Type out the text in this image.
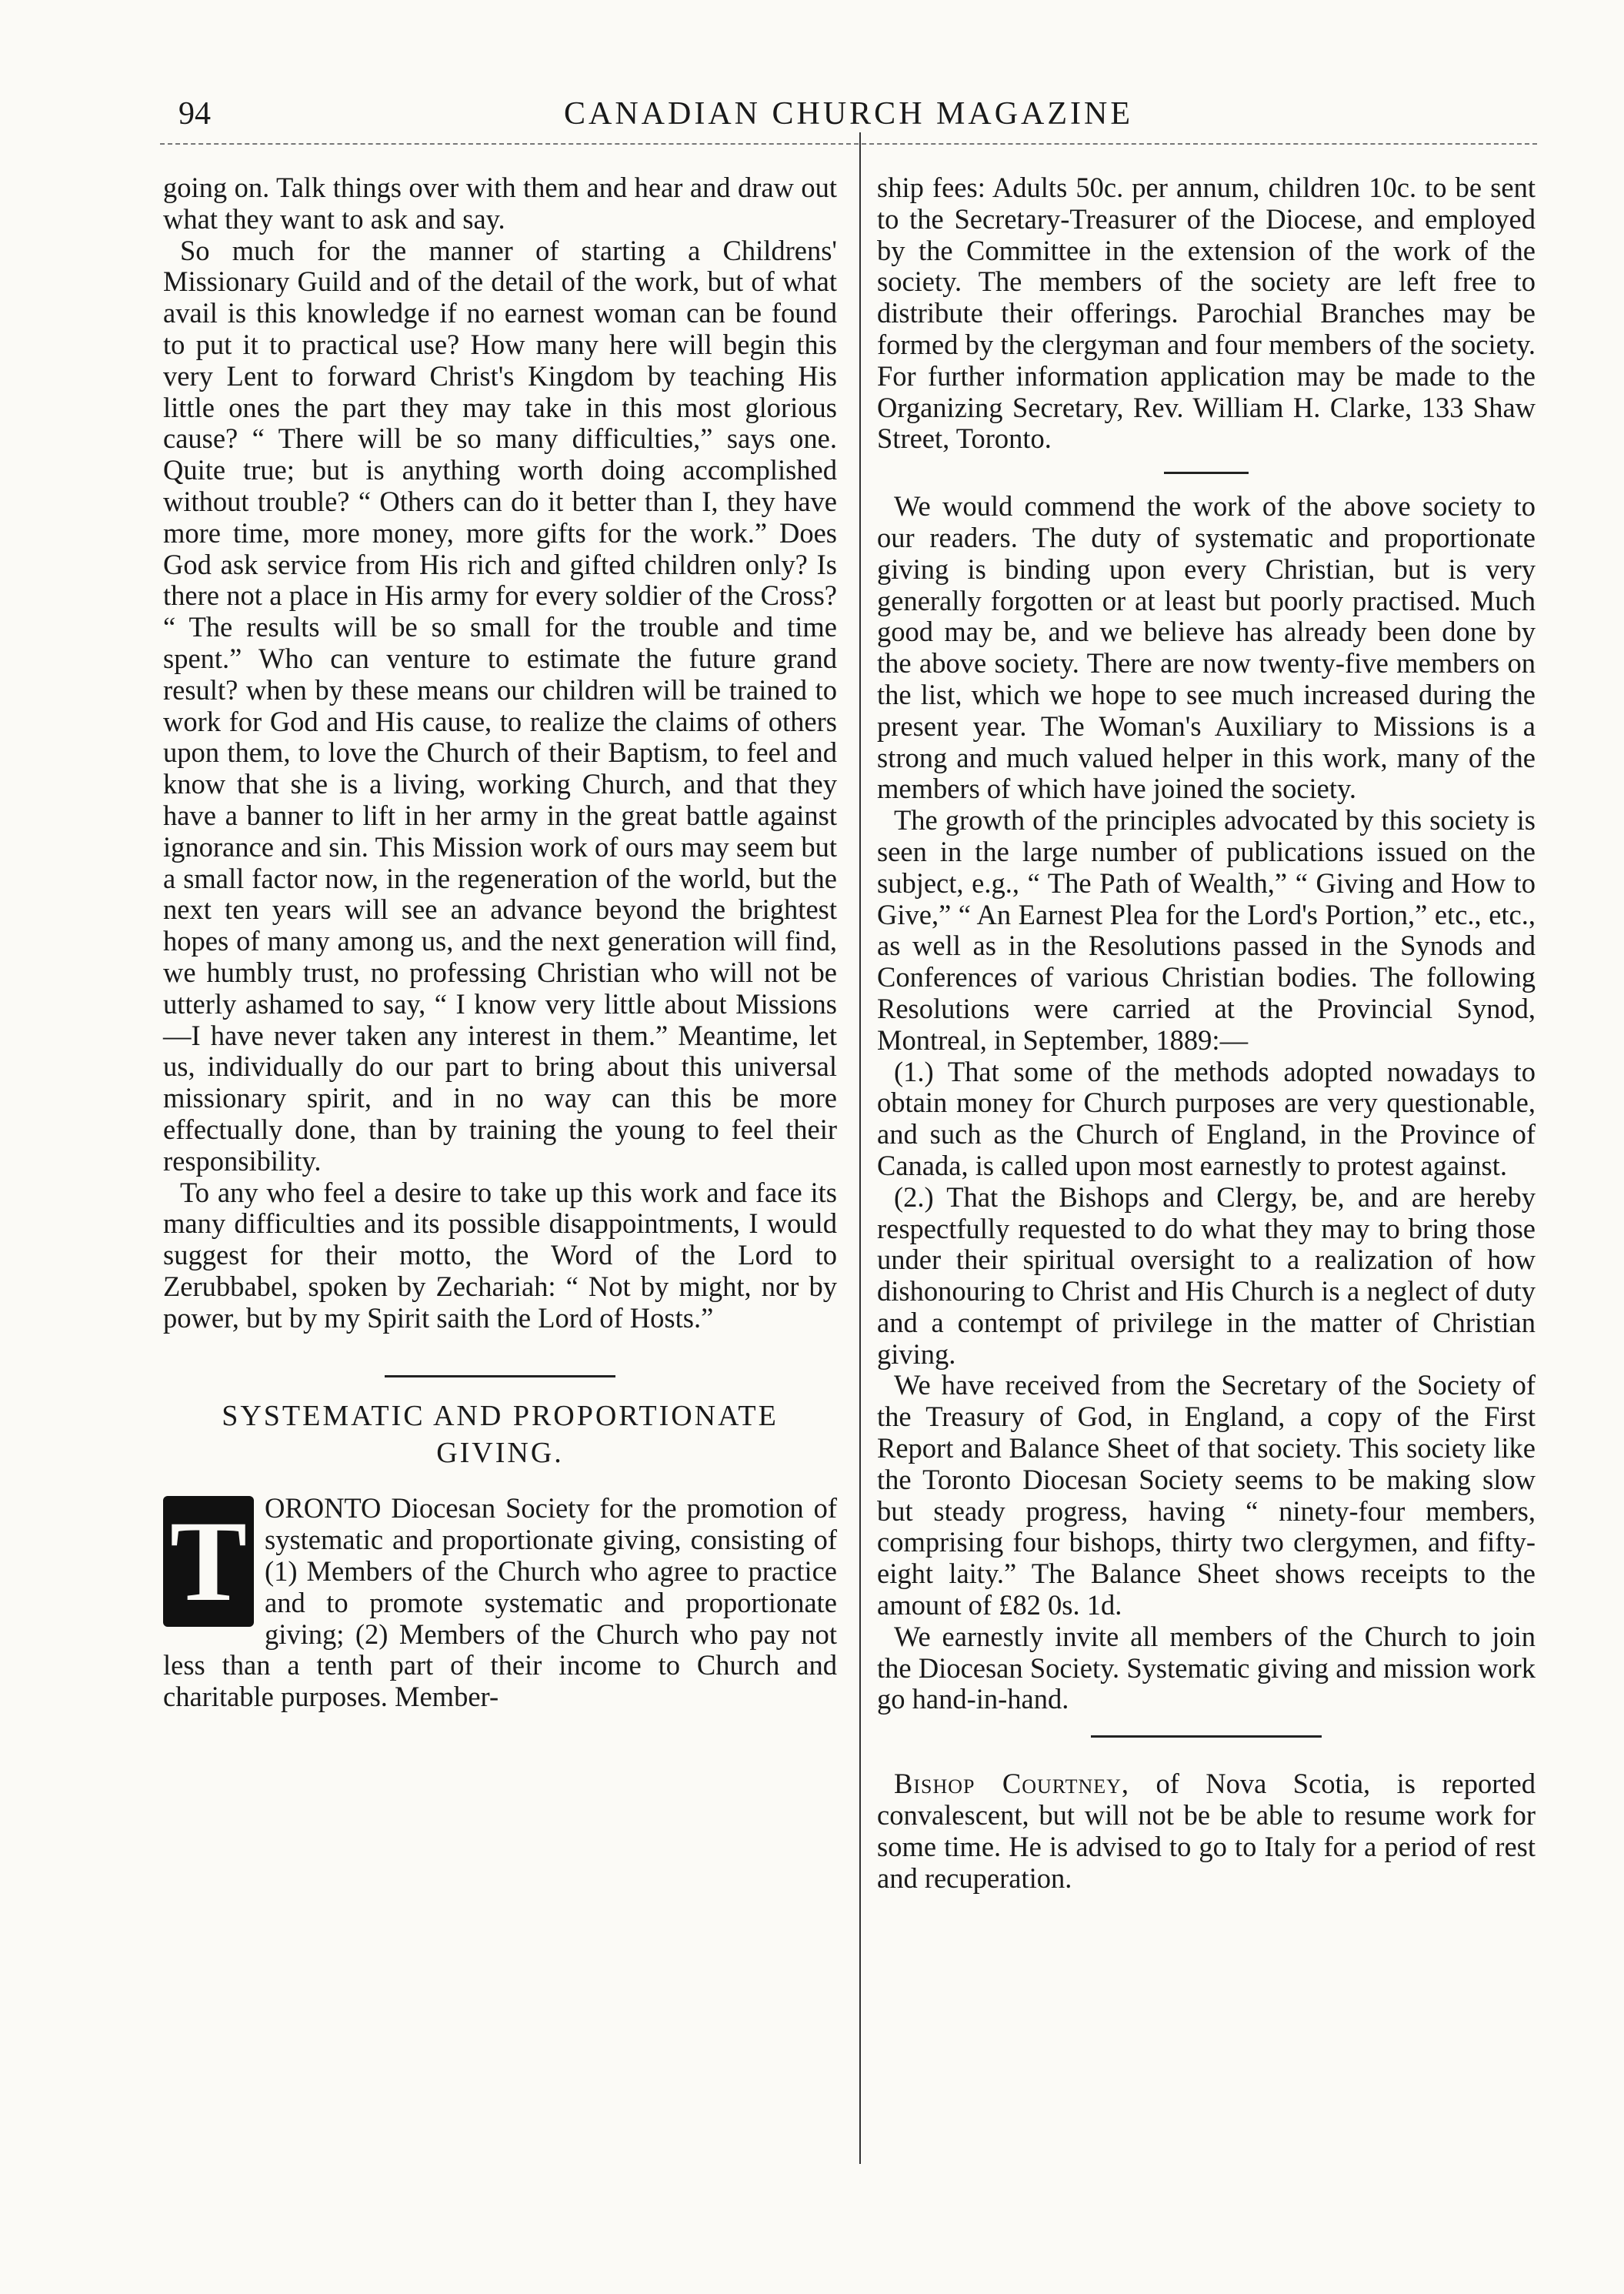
94	CANADIAN CHURCH MAGAZINE

going on. Talk things over with them and hear and draw out what they want to ask and say.

So much for the manner of starting a Childrens' Missionary Guild and of the detail of the work, but of what avail is this knowledge if no earnest woman can be found to put it to practical use? How many here will begin this very Lent to forward Christ's Kingdom by teaching His little ones the part they may take in this most glorious cause? “ There will be so many difficulties,” says one. Quite true; but is anything worth doing accomplished without trouble? “ Others can do it better than I, they have more time, more money, more gifts for the work.” Does God ask service from His rich and gifted children only? Is there not a place in His army for every soldier of the Cross? “ The results will be so small for the trouble and time spent.” Who can venture to estimate the future grand result? when by these means our children will be trained to work for God and His cause, to realize the claims of others upon them, to love the Church of their Baptism, to feel and know that she is a living, working Church, and that they have a banner to lift in her army in the great battle against ignorance and sin. This Mission work of ours may seem but a small factor now, in the regeneration of the world, but the next ten years will see an advance beyond the brightest hopes of many among us, and the next generation will find, we humbly trust, no professing Christian who will not be utterly ashamed to say, “ I know very little about Missions—I have never taken any interest in them.” Meantime, let us, individually do our part to bring about this universal missionary spirit, and in no way can this be more effectually done, than by training the young to feel their responsibility.

To any who feel a desire to take up this work and face its many difficulties and its possible disappointments, I would suggest for their motto, the Word of the Lord to Zerubbabel, spoken by Zechariah: “ Not by might, nor by power, but by my Spirit saith the Lord of Hosts.”

SYSTEMATIC AND PROPORTIONATE
GIVING.
T ORONTO Diocesan Society for the promotion of systematic and proportionate giving, consisting of (1) Members of the Church who agree to practice and to promote systematic and proportionate giving; (2) Members of the Church who pay not less than a tenth part of their income to Church and charitable purposes. Member-

ship fees: Adults 50c. per annum, children 10c. to be sent to the Secretary-Treasurer of the Diocese, and employed by the Committee in the extension of the work of the society. The members of the society are left free to distribute their offerings. Parochial Branches may be formed by the clergyman and four members of the society. For further information application may be made to the Organizing Secretary, Rev. William H. Clarke, 133 Shaw Street, Toronto.

We would commend the work of the above society to our readers. The duty of systematic and proportionate giving is binding upon every Christian, but is very generally forgotten or at least but poorly practised. Much good may be, and we believe has already been done by the above society. There are now twenty-five members on the list, which we hope to see much increased during the present year. The Woman's Auxiliary to Missions is a strong and much valued helper in this work, many of the members of which have joined the society.

The growth of the principles advocated by this society is seen in the large number of publications issued on the subject, e.g., “ The Path of Wealth,” “ Giving and How to Give,” “ An Earnest Plea for the Lord's Portion,” etc., etc., as well as in the Resolutions passed in the Synods and Conferences of various Christian bodies. The following Resolutions were carried at the Provincial Synod, Montreal, in September, 1889:—

(1.) That some of the methods adopted nowadays to obtain money for Church purposes are very questionable, and such as the Church of England, in the Province of Canada, is called upon most earnestly to protest against.

(2.) That the Bishops and Clergy, be, and are hereby respectfully requested to do what they may to bring those under their spiritual oversight to a realization of how dishonouring to Christ and His Church is a neglect of duty and a contempt of privilege in the matter of Christian giving.

We have received from the Secretary of the Society of the Treasury of God, in England, a copy of the First Report and Balance Sheet of that society. This society like the Toronto Diocesan Society seems to be making slow but steady progress, having “ ninety-four members, comprising four bishops, thirty two clergymen, and fifty-eight laity.” The Balance Sheet shows receipts to the amount of £82 0s. 1d.

We earnestly invite all members of the Church to join the Diocesan Society. Systematic giving and mission work go hand-in-hand.

Bishop Courtney, of Nova Scotia, is reported convalescent, but will not be be able to resume work for some time. He is advised to go to Italy for a period of rest and recuperation.
